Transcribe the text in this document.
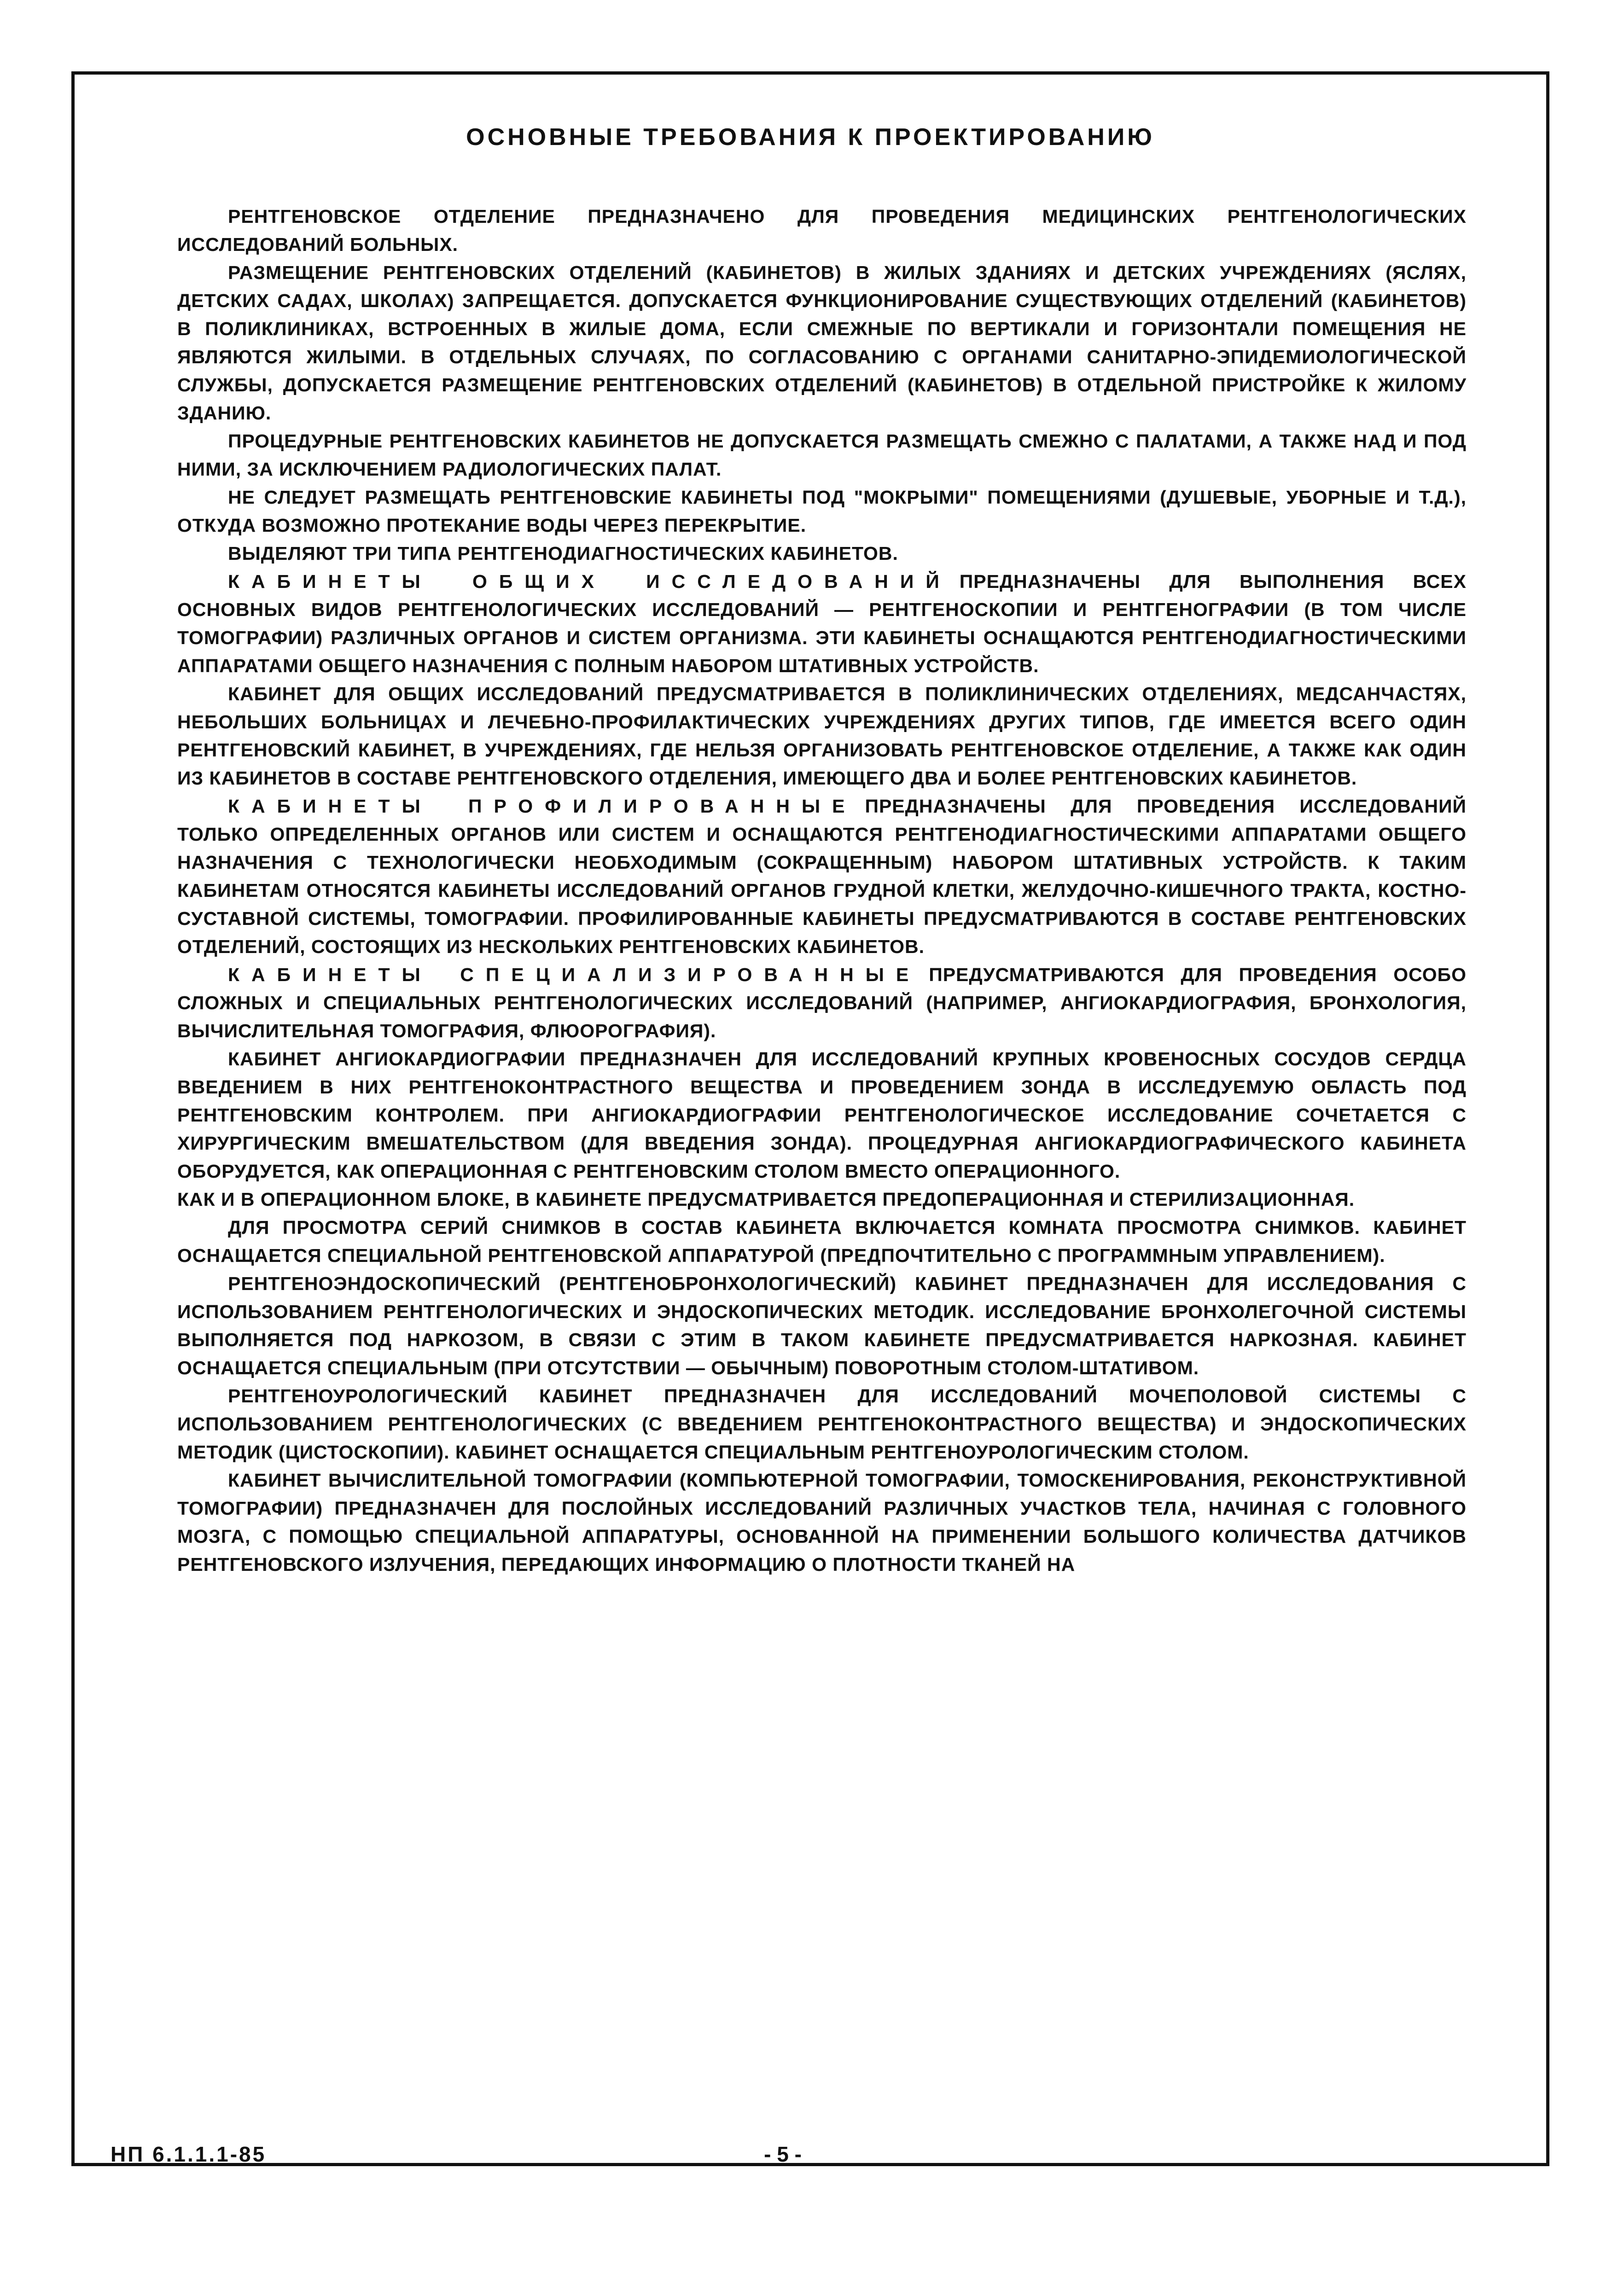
ОСНОВНЫЕ ТРЕБОВАНИЯ К ПРОЕКТИРОВАНИЮ

РЕНТГЕНОВСКОЕ ОТДЕЛЕНИЕ ПРЕДНАЗНАЧЕНО ДЛЯ ПРОВЕДЕНИЯ МЕДИЦИНСКИХ РЕНТГЕНОЛОГИЧЕСКИХ ИССЛЕДОВАНИЙ БОЛЬНЫХ.

РАЗМЕЩЕНИЕ РЕНТГЕНОВСКИХ ОТДЕЛЕНИЙ (КАБИНЕТОВ) В ЖИЛЫХ ЗДАНИЯХ И ДЕТСКИХ УЧРЕЖДЕНИЯХ (ЯСЛЯХ, ДЕТСКИХ САДАХ, ШКОЛАХ) ЗАПРЕЩАЕТСЯ. ДОПУСКАЕТСЯ ФУНКЦИОНИРОВАНИЕ СУЩЕСТВУЮЩИХ ОТДЕЛЕНИЙ (КАБИНЕТОВ) В ПОЛИКЛИНИКАХ, ВСТРОЕННЫХ В ЖИЛЫЕ ДОМА, ЕСЛИ СМЕЖНЫЕ ПО ВЕРТИКАЛИ И ГОРИЗОНТАЛИ ПОМЕЩЕНИЯ НЕ ЯВЛЯЮТСЯ ЖИЛЫМИ. В ОТДЕЛЬНЫХ СЛУЧАЯХ, ПО СОГЛАСОВАНИЮ С ОРГАНАМИ САНИТАРНО-ЭПИДЕМИОЛОГИЧЕСКОЙ СЛУЖБЫ, ДОПУСКАЕТСЯ РАЗМЕЩЕНИЕ РЕНТГЕНОВСКИХ ОТДЕЛЕНИЙ (КАБИНЕТОВ) В ОТДЕЛЬНОЙ ПРИСТРОЙКЕ К ЖИЛОМУ ЗДАНИЮ.

ПРОЦЕДУРНЫЕ РЕНТГЕНОВСКИХ КАБИНЕТОВ НЕ ДОПУСКАЕТСЯ РАЗМЕЩАТЬ СМЕЖНО С ПАЛАТАМИ, А ТАКЖЕ НАД И ПОД НИМИ, ЗА ИСКЛЮЧЕНИЕМ РАДИОЛОГИЧЕСКИХ ПАЛАТ.

НЕ СЛЕДУЕТ РАЗМЕЩАТЬ РЕНТГЕНОВСКИЕ КАБИНЕТЫ ПОД "МОКРЫМИ" ПОМЕЩЕНИЯМИ (ДУШЕВЫЕ, УБОРНЫЕ И Т.Д.), ОТКУДА ВОЗМОЖНО ПРОТЕКАНИЕ ВОДЫ ЧЕРЕЗ ПЕРЕКРЫТИЕ.

ВЫДЕЛЯЮТ ТРИ ТИПА РЕНТГЕНОДИАГНОСТИЧЕСКИХ КАБИНЕТОВ.

КАБИНЕТЫ ОБЩИХ ИССЛЕДОВАНИЙ ПРЕДНАЗНАЧЕНЫ ДЛЯ ВЫПОЛНЕНИЯ ВСЕХ ОСНОВНЫХ ВИДОВ РЕНТГЕНОЛОГИЧЕСКИХ ИССЛЕДОВАНИЙ — РЕНТГЕНОСКОПИИ И РЕНТГЕНОГРАФИИ (В ТОМ ЧИСЛЕ ТОМОГРАФИИ) РАЗЛИЧНЫХ ОРГАНОВ И СИСТЕМ ОРГАНИЗМА. ЭТИ КАБИНЕТЫ ОСНАЩАЮТСЯ РЕНТГЕНОДИАГНОСТИЧЕСКИМИ АППАРАТАМИ ОБЩЕГО НАЗНАЧЕНИЯ С ПОЛНЫМ НАБОРОМ ШТАТИВНЫХ УСТРОЙСТВ.

КАБИНЕТ ДЛЯ ОБЩИХ ИССЛЕДОВАНИЙ ПРЕДУСМАТРИВАЕТСЯ В ПОЛИКЛИНИЧЕСКИХ ОТДЕЛЕНИЯХ, МЕДСАНЧАСТЯХ, НЕБОЛЬШИХ БОЛЬНИЦАХ И ЛЕЧЕБНО-ПРОФИЛАКТИЧЕСКИХ УЧРЕЖДЕНИЯХ ДРУГИХ ТИПОВ, ГДЕ ИМЕЕТСЯ ВСЕГО ОДИН РЕНТГЕНОВСКИЙ КАБИНЕТ, В УЧРЕЖДЕНИЯХ, ГДЕ НЕЛЬЗЯ ОРГАНИЗОВАТЬ РЕНТГЕНОВСКОЕ ОТДЕЛЕНИЕ, А ТАКЖЕ КАК ОДИН ИЗ КАБИНЕТОВ В СОСТАВЕ РЕНТГЕНОВСКОГО ОТДЕЛЕНИЯ, ИМЕЮЩЕГО ДВА И БОЛЕЕ РЕНТГЕНОВСКИХ КАБИНЕТОВ.

КАБИНЕТЫ ПРОФИЛИРОВАННЫЕ ПРЕДНАЗНАЧЕНЫ ДЛЯ ПРОВЕДЕНИЯ ИССЛЕДОВАНИЙ ТОЛЬКО ОПРЕДЕЛЕННЫХ ОРГАНОВ ИЛИ СИСТЕМ И ОСНАЩАЮТСЯ РЕНТГЕНОДИАГНОСТИЧЕСКИМИ АППАРАТАМИ ОБЩЕГО НАЗНАЧЕНИЯ С ТЕХНОЛОГИЧЕСКИ НЕОБХОДИМЫМ (СОКРАЩЕННЫМ) НАБОРОМ ШТАТИВНЫХ УСТРОЙСТВ. К ТАКИМ КАБИНЕТАМ ОТНОСЯТСЯ КАБИНЕТЫ ИССЛЕДОВАНИЙ ОРГАНОВ ГРУДНОЙ КЛЕТКИ, ЖЕЛУДОЧНО-КИШЕЧНОГО ТРАКТА, КОСТНО-СУСТАВНОЙ СИСТЕМЫ, ТОМОГРАФИИ. ПРОФИЛИРОВАННЫЕ КАБИНЕТЫ ПРЕДУСМАТРИВАЮТСЯ В СОСТАВЕ РЕНТГЕНОВСКИХ ОТДЕЛЕНИЙ, СОСТОЯЩИХ ИЗ НЕСКОЛЬКИХ РЕНТГЕНОВСКИХ КАБИНЕТОВ.

КАБИНЕТЫ СПЕЦИАЛИЗИРОВАННЫЕ ПРЕДУСМАТРИВАЮТСЯ ДЛЯ ПРОВЕДЕНИЯ ОСОБО СЛОЖНЫХ И СПЕЦИАЛЬНЫХ РЕНТГЕНОЛОГИЧЕСКИХ ИССЛЕДОВАНИЙ (НАПРИМЕР, АНГИОКАРДИОГРАФИЯ, БРОНХОЛОГИЯ, ВЫЧИСЛИТЕЛЬНАЯ ТОМОГРАФИЯ, ФЛЮОРОГРАФИЯ).

КАБИНЕТ АНГИОКАРДИОГРАФИИ ПРЕДНАЗНАЧЕН ДЛЯ ИССЛЕДОВАНИЙ КРУПНЫХ КРОВЕНОСНЫХ СОСУДОВ СЕРДЦА ВВЕДЕНИЕМ В НИХ РЕНТГЕНОКОНТРАСТНОГО ВЕЩЕСТВА И ПРОВЕДЕНИЕМ ЗОНДА В ИССЛЕДУЕМУЮ ОБЛАСТЬ ПОД РЕНТГЕНОВСКИМ КОНТРОЛЕМ. ПРИ АНГИОКАРДИОГРАФИИ РЕНТГЕНОЛОГИЧЕСКОЕ ИССЛЕДОВАНИЕ СОЧЕТАЕТСЯ С ХИРУРГИЧЕСКИМ ВМЕШАТЕЛЬСТВОМ (ДЛЯ ВВЕДЕНИЯ ЗОНДА). ПРОЦЕДУРНАЯ АНГИОКАРДИОГРАФИЧЕСКОГО КАБИНЕТА ОБОРУДУЕТСЯ, КАК ОПЕРАЦИОННАЯ С РЕНТГЕНОВСКИМ СТОЛОМ ВМЕСТО ОПЕРАЦИОННОГО.

КАК И В ОПЕРАЦИОННОМ БЛОКЕ, В КАБИНЕТЕ ПРЕДУСМАТРИВАЕТСЯ ПРЕДОПЕРАЦИОННАЯ И СТЕРИЛИЗАЦИОННАЯ.

ДЛЯ ПРОСМОТРА СЕРИЙ СНИМКОВ В СОСТАВ КАБИНЕТА ВКЛЮЧАЕТСЯ КОМНАТА ПРОСМОТРА СНИМКОВ. КАБИНЕТ ОСНАЩАЕТСЯ СПЕЦИАЛЬНОЙ РЕНТГЕНОВСКОЙ АППАРАТУРОЙ (ПРЕДПОЧТИТЕЛЬНО С ПРОГРАММНЫМ УПРАВЛЕНИЕМ).

РЕНТГЕНОЭНДОСКОПИЧЕСКИЙ (РЕНТГЕНОБРОНХОЛОГИЧЕСКИЙ) КАБИНЕТ ПРЕДНАЗНАЧЕН ДЛЯ ИССЛЕДОВАНИЯ С ИСПОЛЬЗОВАНИЕМ РЕНТГЕНОЛОГИЧЕСКИХ И ЭНДОСКОПИЧЕСКИХ МЕТОДИК. ИССЛЕДОВАНИЕ БРОНХОЛЕГОЧНОЙ СИСТЕМЫ ВЫПОЛНЯЕТСЯ ПОД НАРКОЗОМ, В СВЯЗИ С ЭТИМ В ТАКОМ КАБИНЕТЕ ПРЕДУСМАТРИВАЕТСЯ НАРКОЗНАЯ. КАБИНЕТ ОСНАЩАЕТСЯ СПЕЦИАЛЬНЫМ (ПРИ ОТСУТСТВИИ — ОБЫЧНЫМ) ПОВОРОТНЫМ СТОЛОМ-ШТАТИВОМ.

РЕНТГЕНОУРОЛОГИЧЕСКИЙ КАБИНЕТ ПРЕДНАЗНАЧЕН ДЛЯ ИССЛЕДОВАНИЙ МОЧЕПОЛОВОЙ СИСТЕМЫ С ИСПОЛЬЗОВАНИЕМ РЕНТГЕНОЛОГИЧЕСКИХ (С ВВЕДЕНИЕМ РЕНТГЕНОКОНТРАСТНОГО ВЕЩЕСТВА) И ЭНДОСКОПИЧЕСКИХ МЕТОДИК (ЦИСТОСКОПИИ). КАБИНЕТ ОСНАЩАЕТСЯ СПЕЦИАЛЬНЫМ РЕНТГЕНОУРОЛОГИЧЕСКИМ СТОЛОМ.

КАБИНЕТ ВЫЧИСЛИТЕЛЬНОЙ ТОМОГРАФИИ (КОМПЬЮТЕРНОЙ ТОМОГРАФИИ, ТОМОСКЕНИРОВАНИЯ, РЕКОНСТРУКТИВНОЙ ТОМОГРАФИИ) ПРЕДНАЗНАЧЕН ДЛЯ ПОСЛОЙНЫХ ИССЛЕДОВАНИЙ РАЗЛИЧНЫХ УЧАСТКОВ ТЕЛА, НАЧИНАЯ С ГОЛОВНОГО МОЗГА, С ПОМОЩЬЮ СПЕЦИАЛЬНОЙ АППАРАТУРЫ, ОСНОВАННОЙ НА ПРИМЕНЕНИИ БОЛЬШОГО КОЛИЧЕСТВА ДАТЧИКОВ РЕНТГЕНОВСКОГО ИЗЛУЧЕНИЯ, ПЕРЕДАЮЩИХ ИНФОРМАЦИЮ О ПЛОТНОСТИ ТКАНЕЙ НА

НП 6.1.1.1-85	- 5 -
